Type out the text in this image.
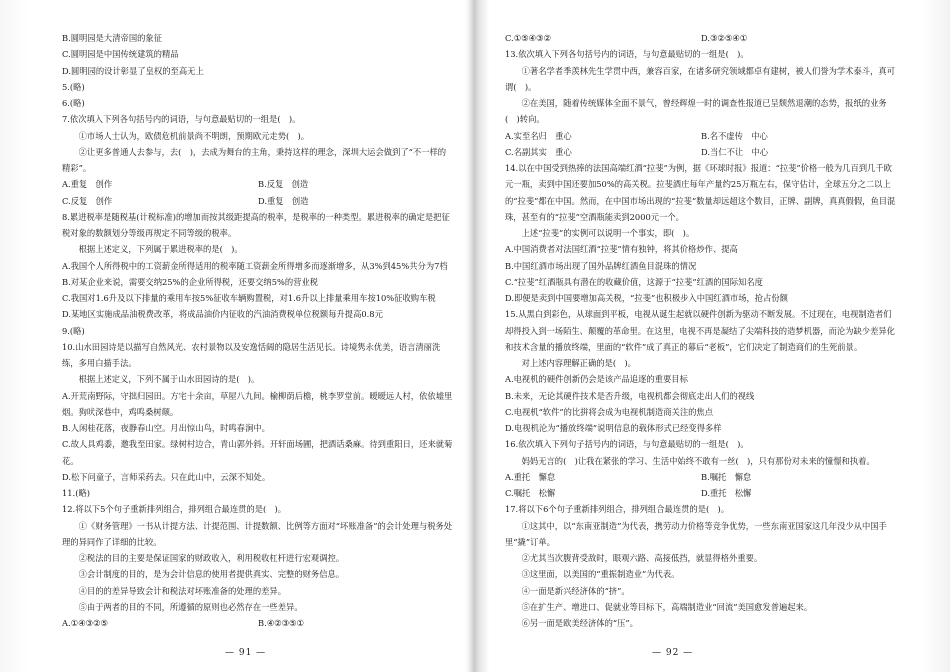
B.圆明园是大清帝国的象征
C.圆明园是中国传统建筑的精品
D.圆明园的设计彰显了皇权的至高无上
5.(略)
6.(略)
7.依次填入下列各句括号内的词语，与句意最贴切的一组是(　)。
①市场人士认为，欧债危机前景尚不明朗，预期欧元走势(　)。
②让更多普通人去参与，去(　)，去成为舞台的主角，秉持这样的理念，深圳大运会做到了“不一样的精彩”。
A.重复　创作	B.反复　创造
C.反复　创作	D.重复　创造
8.累进税率是随税基(计税标准)的增加而按其级距提高的税率，是税率的一种类型。累进税率的确定是把征税对象的数额划分等级再规定不同等级的税率。
根据上述定义，下列属于累进税率的是(　)。
A.我国个人所得税中的工资薪金所得适用的税率随工资薪金所得增多而逐渐增多，从3%到45%共分为7档
B.对某企业来说，需要交纳25%的企业所得税，还要交纳5%的营业税
C.我国对1.6升及以下排量的乘用车按5%征收车辆购置税，对1.6升以上排量乘用车按10%征收购车税
D.某地区实施成品油税费改革，将成品油价内征收的汽油消费税单位税额每升提高0.8元
9.(略)
10.山水田园诗是以描写自然风光、农村景物以及安逸恬阔的隐居生活见长。诗境隽永优美，语言清丽洗练，多用白描手法。
根据上述定义，下列不属于山水田园诗的是(　)。
A.开荒南野际，守拙归园田。方宅十余亩，草屋八九间。榆柳荫后檐，桃李罗堂前。暧暧远人村，依依墟里烟。狗吠深巷中，鸡鸣桑树颠。
B.人闲桂花落，夜静春山空。月出惊山鸟，时鸣春涧中。
C.故人具鸡黍，邀我至田家。绿树村边合，青山郭外斜。开轩面场圃，把酒话桑麻。待到重阳日，还来就菊花。
D.松下问童子，言师采药去。只在此山中，云深不知处。
11.(略)
12.将以下5个句子重新排列组合，排列组合最连贯的是(　)。
①《财务管理》一书从计提方法、计提范围、计提数额、比例等方面对“坏账准备”的会计处理与税务处理的异同作了详细的比较。
②税法的目的主要是保证国家的财政收入，利用税收杠杆进行宏观调控。
③会计制度的目的，是为会计信息的使用者提供真实、完整的财务信息。
④目的的差异导致会计和税法对坏账准备的处理的差异。
⑤由于两者的目的不同，所遵循的原则也必然存在一些差异。
A.①④③②⑤	B.④②③⑤①
C.①⑤④③②	D.③②⑤④①
13.依次填入下列各句括号内的词语，与句意最贴切的一组是(　)。
①著名学者季羡林先生学贯中西，兼容百家，在诸多研究领域都卓有建树，被人们誉为学术泰斗，真可谓(　)。
②在美国，随着传统媒体全面不景气，曾经辉煌一时的调查性报道已呈颓然退潮的态势，报纸的业务(　)转向。
A.实至名归　重心	B.名不虚传　中心
C.名副其实　重心	D.当仁不让　中心
14.以在中国受到热捧的法国高端红酒“拉斐”为例，据《环球时报》报道：“拉斐”价格一般为几百到几千欧元一瓶，卖到中国还要加50%的高关税。拉斐酒庄每年产量约25万瓶左右，保守估计，全球五分之二以上的“拉斐”都在中国。然而，在中国市场出现的“拉斐”数量却远超这个数目，正牌、副牌，真真假假，鱼目混珠，甚至有的“拉斐”空酒瓶能卖到2000元一个。
上述“拉斐”的实例可以说明一个事实，即(　)。
A.中国消费者对法国红酒“拉斐”情有独钟，将其价格炒作、提高
B.中国红酒市场出现了国外品牌红酒鱼目混珠的情况
C.“拉斐”红酒瓶具有潜在的收藏价值，这源于“拉斐”红酒的国际知名度
D.即便是卖到中国要增加高关税，“拉斐”也积极步入中国红酒市场，抢占份额
15.从黑白到彩色，从球面到平板，电视从诞生起就以硬件创新为驱动不断发展。不过现在，电视制造者们却得投入到一场陌生、颠覆的革命里。在这里，电视不再是凝结了尖端科技的造梦机器，而沦为缺少差异化和技术含量的播放终端，里面的“软件”成了真正的幕后“老板”，它们决定了制造商们的生死前景。
对上述内容理解正确的是(　)。
A.电视机的硬件创新仍会是该产品追逐的重要目标
B.未来，无论其硬件技术是否升级，电视机都会彻底走出人们的视线
C.电视机“软件”的比拼将会成为电视机制造商关注的焦点
D.电视机沦为“播放终端”说明信息的载体形式已经变得多样
16.依次填入下列句子括号内的词语，与句意最贴切的一组是(　)。
妈妈无言的(　)让我在紧张的学习、生活中始终不敢有一丝(　)，只有那份对未来的憧憬和执着。
A.重托　懈怠	B.嘱托　懈怠
C.嘱托　松懈	D.重托　松懈
17.将以下6个句子重新排列组合，排列组合最连贯的是(　)。
①这其中，以“东南亚制造”为代表，携劳动力价格等竞争优势，一些东南亚国家这几年没少从中国手里“撬”订单。
②尤其当次腹背受敌时，眼观六路、高接低挡，就显得格外重要。
③这里面，以美国的“重振制造业”为代表。
④一面是新兴经济体的“挤”。
⑤在扩生产、增进口、促就业等目标下，高端制造业“回流”美国愈发普遍起来。
⑥另一面是欧美经济体的“压”。
— 91 —	— 92 —
